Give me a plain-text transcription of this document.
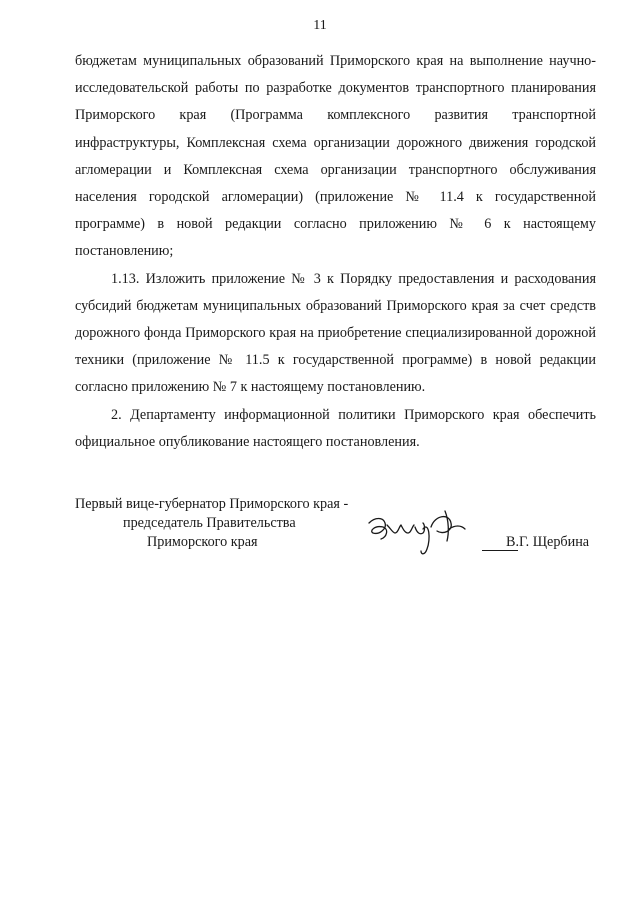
11

бюджетам муниципальных образований Приморского края на выполнение научно-исследовательской работы по разработке документов транспортного планирования Приморского края (Программа комплексного развития транспортной инфраструктуры, Комплексная схема организации дорожного движения городской агломерации и Комплексная схема организации транспортного обслуживания населения городской агломерации) (приложение № 11.4 к государственной программе) в новой редакции согласно приложению № 6 к настоящему постановлению;

1.13. Изложить приложение № 3 к Порядку предоставления и расходования субсидий бюджетам муниципальных образований Приморского края за счет средств дорожного фонда Приморского края на приобретение специализированной дорожной техники (приложение № 11.5 к государственной программе) в новой редакции согласно приложению № 7 к настоящему постановлению.

2. Департаменту информационной политики Приморского края обеспечить официальное опубликование настоящего постановления.

Первый вице-губернатор Приморского края -
председатель Правительства
Приморского края	В.Г. Щербина
